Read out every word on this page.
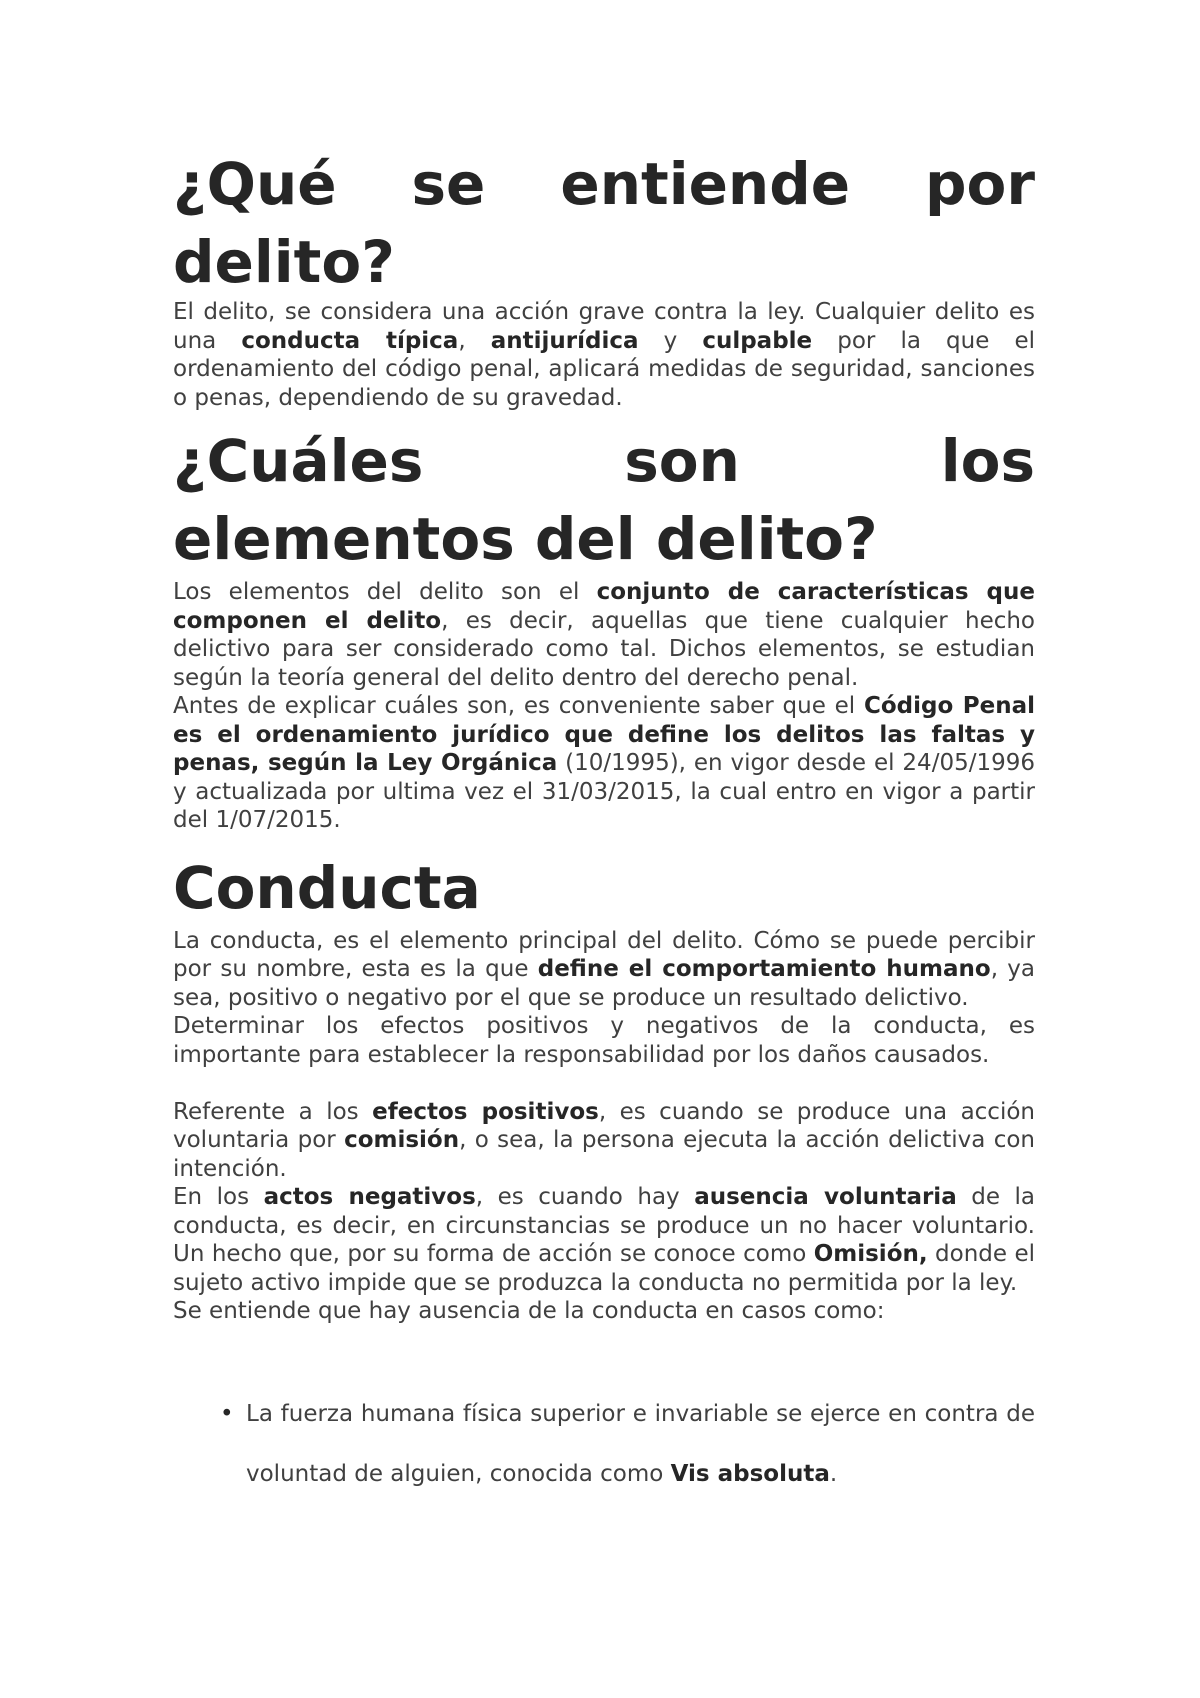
¿Qué se entiende por delito?

El delito, se considera una acción grave contra la ley. Cualquier delito es una conducta típica, antijurídica y culpable por la que el ordenamiento del código penal, aplicará medidas de seguridad, sanciones o penas, dependiendo de su gravedad.

¿Cuáles son los elementos del delito?

Los elementos del delito son el conjunto de características que componen el delito, es decir, aquellas que tiene cualquier hecho delictivo para ser considerado como tal. Dichos elementos, se estudian según la teoría general del delito dentro del derecho penal.

Antes de explicar cuáles son, es conveniente saber que el Código Penal es el ordenamiento jurídico que define los delitos las faltas y penas, según la Ley Orgánica (10/1995), en vigor desde el 24/05/1996 y actualizada por ultima vez el 31/03/2015, la cual entro en vigor a partir del 1/07/2015.

Conducta

La conducta, es el elemento principal del delito. Cómo se puede percibir por su nombre, esta es la que define el comportamiento humano, ya sea, positivo o negativo por el que se produce un resultado delictivo.

Determinar los efectos positivos y negativos de la conducta, es importante para establecer la responsabilidad por los daños causados.

Referente a los efectos positivos, es cuando se produce una acción voluntaria por comisión, o sea, la persona ejecuta la acción delictiva con intención.

En los actos negativos, es cuando hay ausencia voluntaria de la conducta, es decir, en circunstancias se produce un no hacer voluntario. Un hecho que, por su forma de acción se conoce como Omisión, donde el sujeto activo impide que se produzca la conducta no permitida por la ley.

Se entiende que hay ausencia de la conducta en casos como:

• La fuerza humana física superior e invariable se ejerce en contra de voluntad de alguien, conocida como Vis absoluta.
